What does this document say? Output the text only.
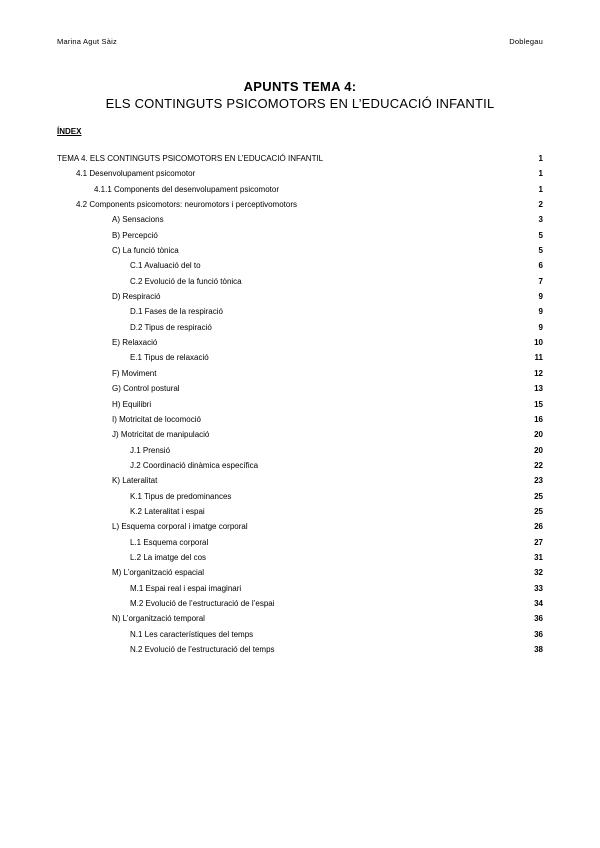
Marina Agut Sàiz	Doblegau
APUNTS TEMA 4:
ELS CONTINGUTS PSICOMOTORS EN L’EDUCACIÓ INFANTIL
ÍNDEX
TEMA 4. ELS CONTINGUTS PSICOMOTORS EN L’EDUCACIÓ INFANTIL	1
4.1 Desenvolupament psicomotor	1
4.1.1 Components del desenvolupament psicomotor	1
4.2 Components psicomotors: neuromotors i perceptivomotors	2
A) Sensacions	3
B) Percepció	5
C) La funció tònica	5
C.1 Avaluació del to	6
C.2 Evolució de la funció tònica	7
D) Respiració	9
D.1 Fases de la respiració	9
D.2 Tipus de respiració	9
E) Relaxació	10
E.1 Tipus de relaxació	11
F) Moviment	12
G) Control postural	13
H) Equilibri	15
I) Motricitat de locomoció	16
J) Motricitat de manipulació	20
J.1 Prensió	20
J.2 Coordinació dinàmica específica	22
K) Lateralitat	23
K.1 Tipus de predominances	25
K.2 Lateralitat i espai	25
L) Esquema corporal i imatge corporal	26
L.1 Esquema corporal	27
L.2 La imatge del cos	31
M) L’organització espacial	32
M.1 Espai real i espai imaginari	33
M.2 Evolució de l’estructuració de l’espai	34
N) L’organització temporal	36
N.1 Les característiques del temps	36
N.2 Evolució de l’estructuració del temps	38
